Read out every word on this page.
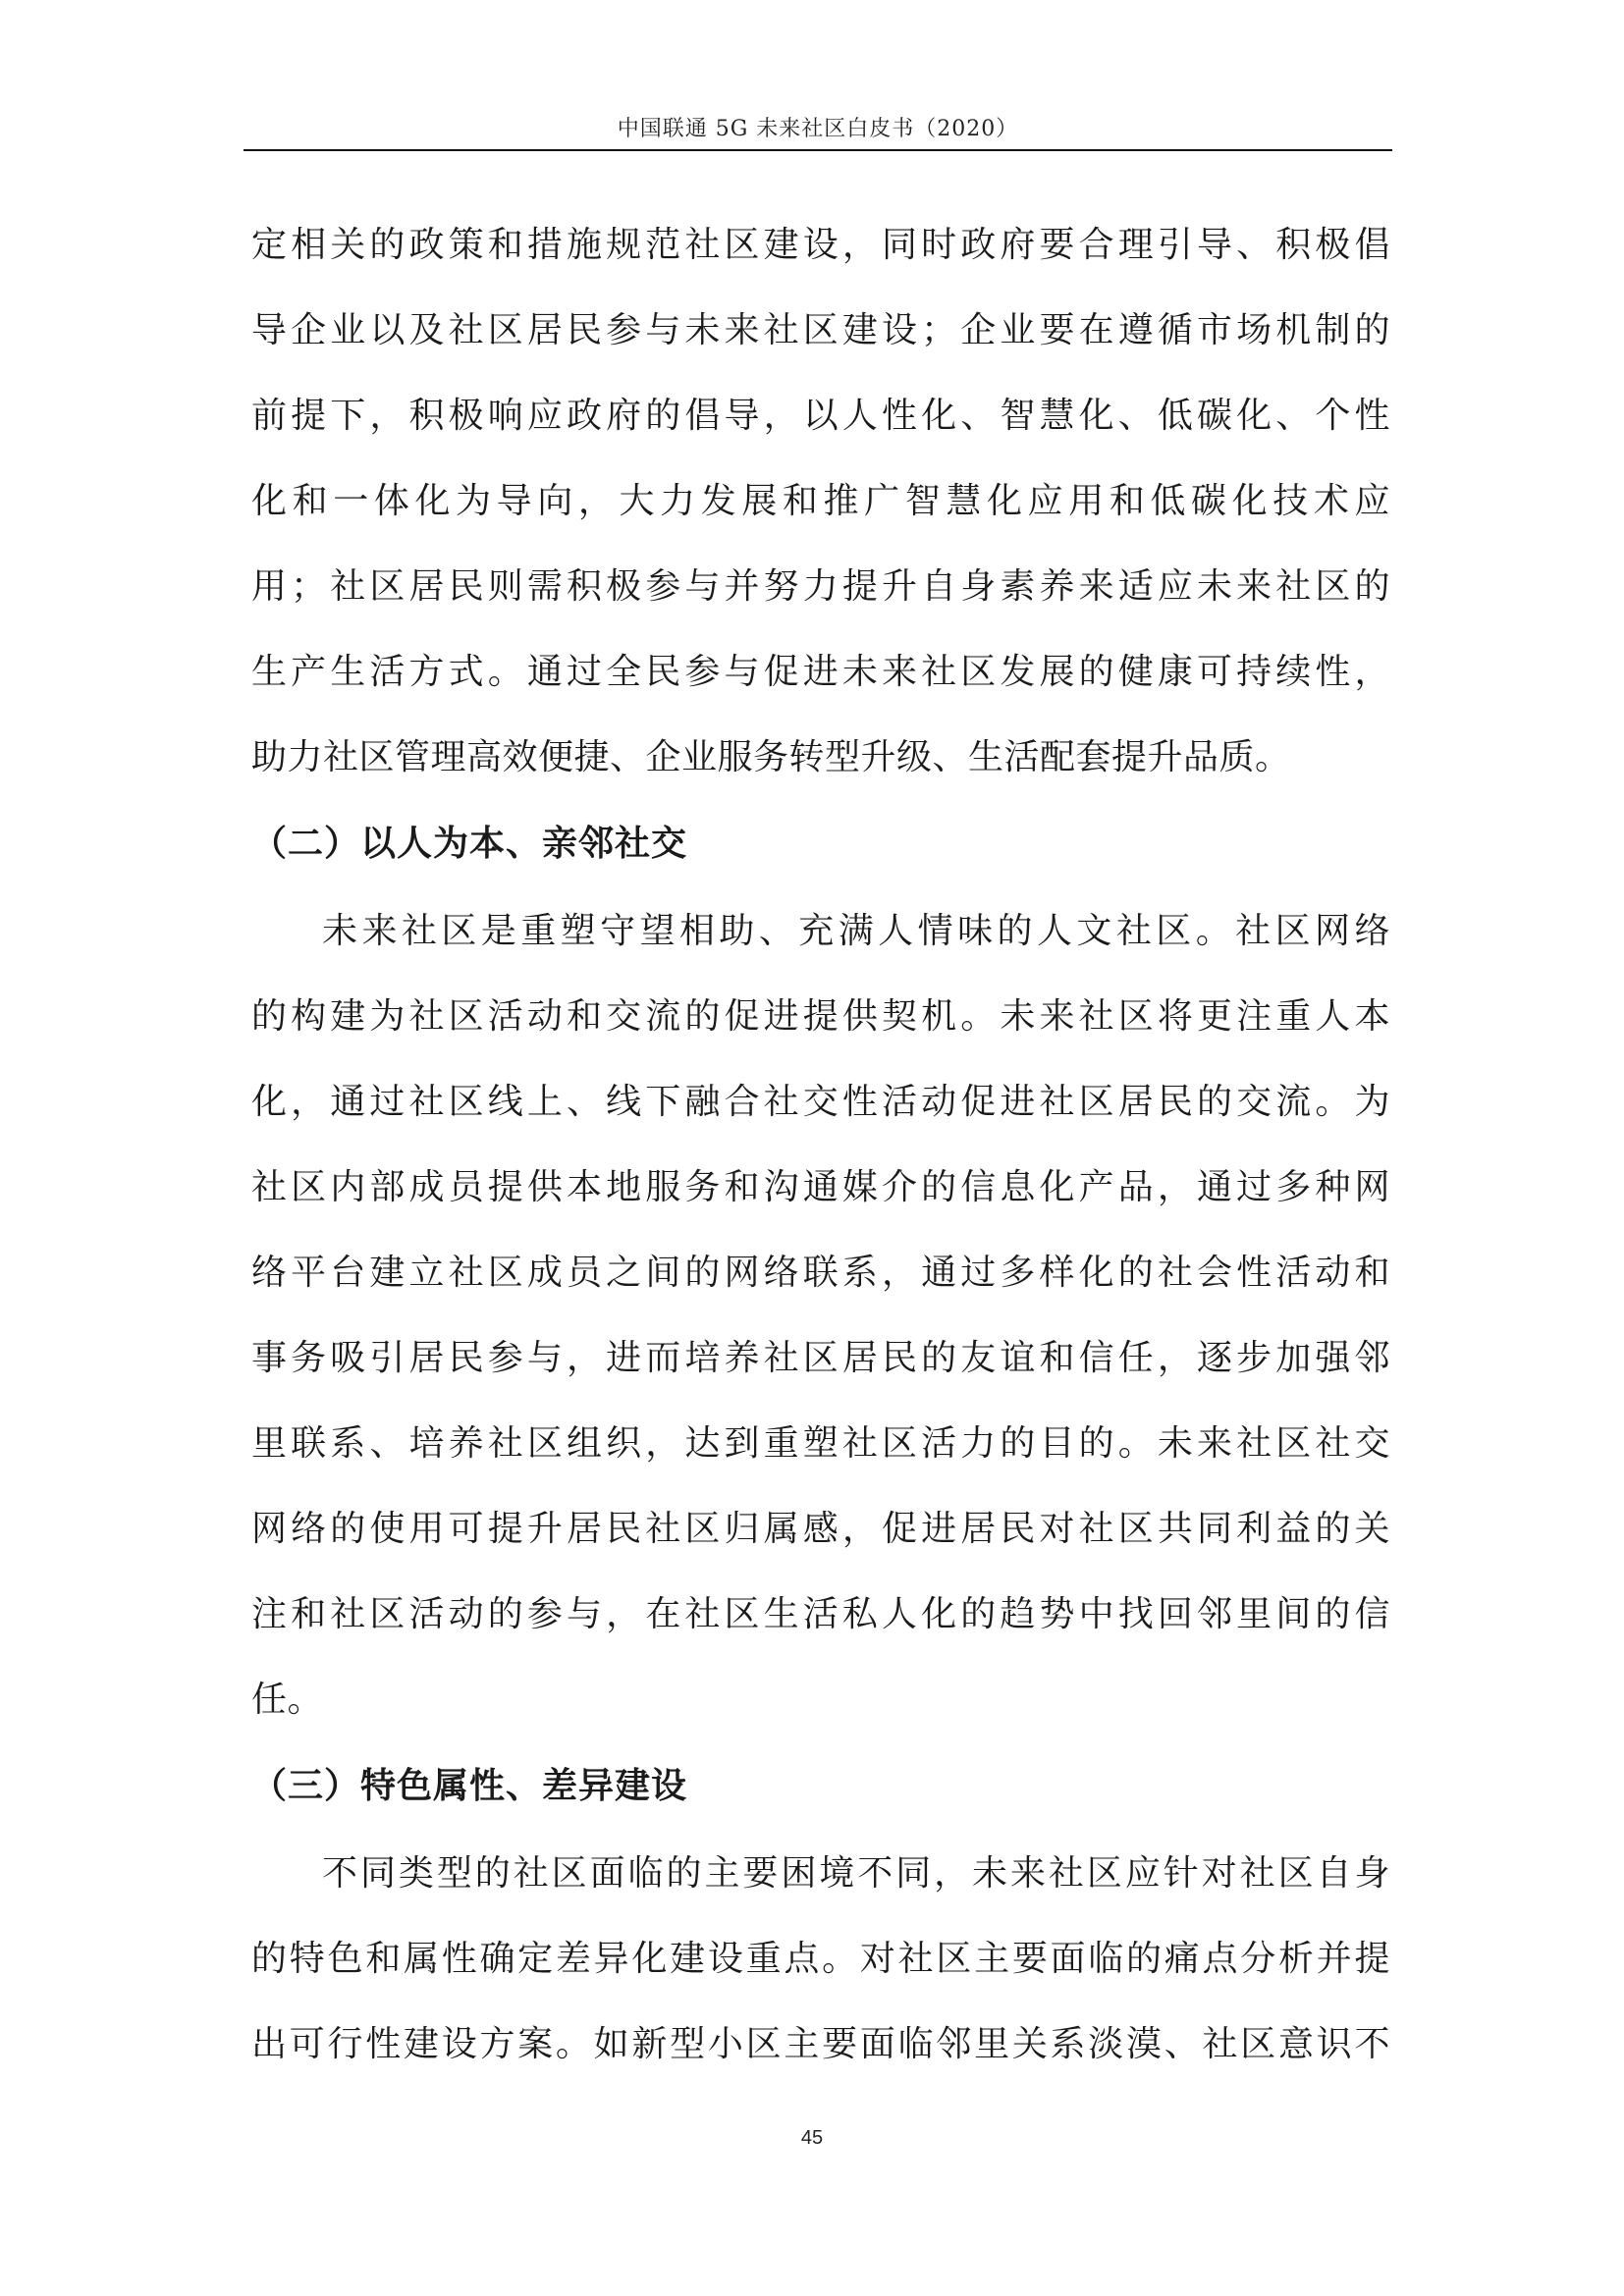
中国联通 5G 未来社区白皮书（2020）
定相关的政策和措施规范社区建设，同时政府要合理引导、积极倡
导企业以及社区居民参与未来社区建设；企业要在遵循市场机制的
前提下，积极响应政府的倡导，以人性化、智慧化、低碳化、个性
化和一体化为导向，大力发展和推广智慧化应用和低碳化技术应
用；社区居民则需积极参与并努力提升自身素养来适应未来社区的
生产生活方式。通过全民参与促进未来社区发展的健康可持续性，
助力社区管理高效便捷、企业服务转型升级、生活配套提升品质。
（二）以人为本、亲邻社交
未来社区是重塑守望相助、充满人情味的人文社区。社区网络
的构建为社区活动和交流的促进提供契机。未来社区将更注重人本
化，通过社区线上、线下融合社交性活动促进社区居民的交流。为
社区内部成员提供本地服务和沟通媒介的信息化产品，通过多种网
络平台建立社区成员之间的网络联系，通过多样化的社会性活动和
事务吸引居民参与，进而培养社区居民的友谊和信任，逐步加强邻
里联系、培养社区组织，达到重塑社区活力的目的。未来社区社交
网络的使用可提升居民社区归属感，促进居民对社区共同利益的关
注和社区活动的参与，在社区生活私人化的趋势中找回邻里间的信
任。
（三）特色属性、差异建设
不同类型的社区面临的主要困境不同，未来社区应针对社区自身
的特色和属性确定差异化建设重点。对社区主要面临的痛点分析并提
出可行性建设方案。如新型小区主要面临邻里关系淡漠、社区意识不
45
